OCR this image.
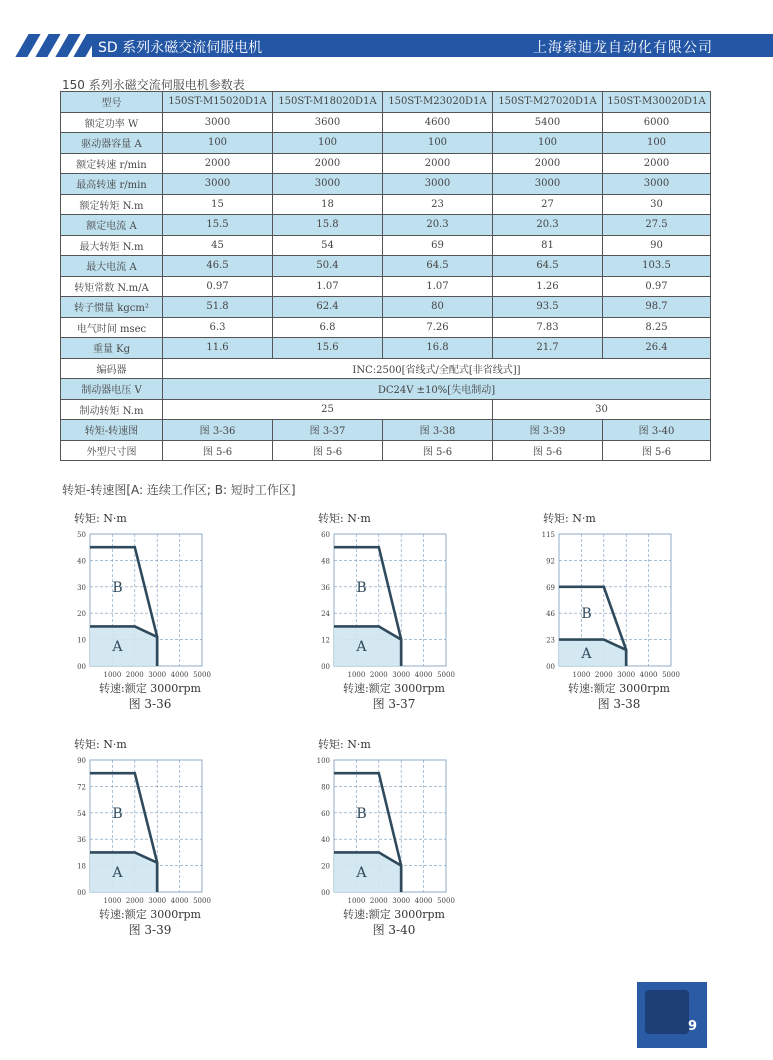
SD 系列永磁交流伺服电机	上海索迪龙自动化有限公司
150 系列永磁交流伺服电机参数表
型号	150ST-M15020D1A	150ST-M18020D1A	150ST-M23020D1A	150ST-M27020D1A	150ST-M30020D1A
额定功率 W	3000	3600	4600	5400	6000
驱动器容量 A	100	100	100	100	100
额定转速 r/min	2000	2000	2000	2000	2000
最高转速 r/min	3000	3000	3000	3000	3000
额定转矩 N.m	15	18	23	27	30
额定电流 A	15.5	15.8	20.3	20.3	27.5
最大转矩 N.m	45	54	69	81	90
最大电流 A	46.5	50.4	64.5	64.5	103.5
转矩常数 N.m/A	0.97	1.07	1.07	1.26	0.97
转子惯量 kgcm²	51.8	62.4	80	93.5	98.7
电气时间 msec	6.3	6.8	7.26	7.83	8.25
重量 Kg	11.6	15.6	16.8	21.7	26.4
编码器	INC:2500[省线式/全配式[非省线式]]				
制动器电压 V	DC24V ±10%[失电制动]				
制动转矩 N.m	25			30	
转矩-转速图	图 3-36	图 3-37	图 3-38	图 3-39	图 3-40
外型尺寸图	图 5-6	图 5-6	图 5-6	图 5-6	图 5-6
转矩-转速图[A: 连续工作区; B: 短时工作区]
转矩: N·m
00
10
20
30
40
50
1000 2000 3000 4000 5000
B
A
转速:额定 3000rpm
图 3-36
转矩: N·m
00
12
24
36
48
60
1000 2000 3000 4000 5000
B
A
转速:额定 3000rpm
图 3-37
转矩: N·m
00
23
46
69
92
115
1000 2000 3000 4000 5000
B
A
转速:额定 3000rpm
图 3-38
转矩: N·m
00
18
36
54
72
90
1000 2000 3000 4000 5000
B
A
转速:额定 3000rpm
图 3-39
转矩: N·m
00
20
40
60
80
100
1000 2000 3000 4000 5000
B
A
转速:额定 3000rpm
图 3-40
9
